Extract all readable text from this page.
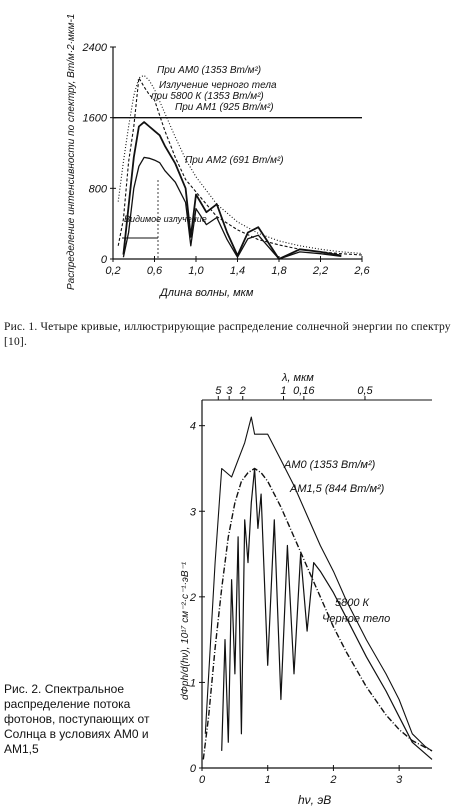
0
800
1600
2400
0,2 0,6 1,0 1,4 1,8 2,2 2,6
При АМ0 (1353 Вт/м²)
Излучение черного тела
при 5800 К (1353 Вт/м²)
При АМ1 (925 Вт/м²)
При АМ2 (691 Вт/м²)
Видимое излучение
Длина волны, мкм
Распределение интенсивности по спектру, Вт/м·2·мкм-1
0
1
2
3
4
0	1	2	3
5 3 2	1 0,16	0,5
АМ0 (1353 Вт/м²)
АМ1,5 (844 Вт/м²)
5800 К
Черное тело
hν, эВ
λ, мкм
dΦph/d(hν), 10¹⁷ см⁻²·с⁻¹·эВ⁻¹
Рис. 1. Четыре кривые, иллюстрирующие распределение солнечной энергии по спектру [10].
Рис. 2. Спектральное распределение потока фотонов, поступающих от Солнца в условиях АМ0 и АМ1,5
